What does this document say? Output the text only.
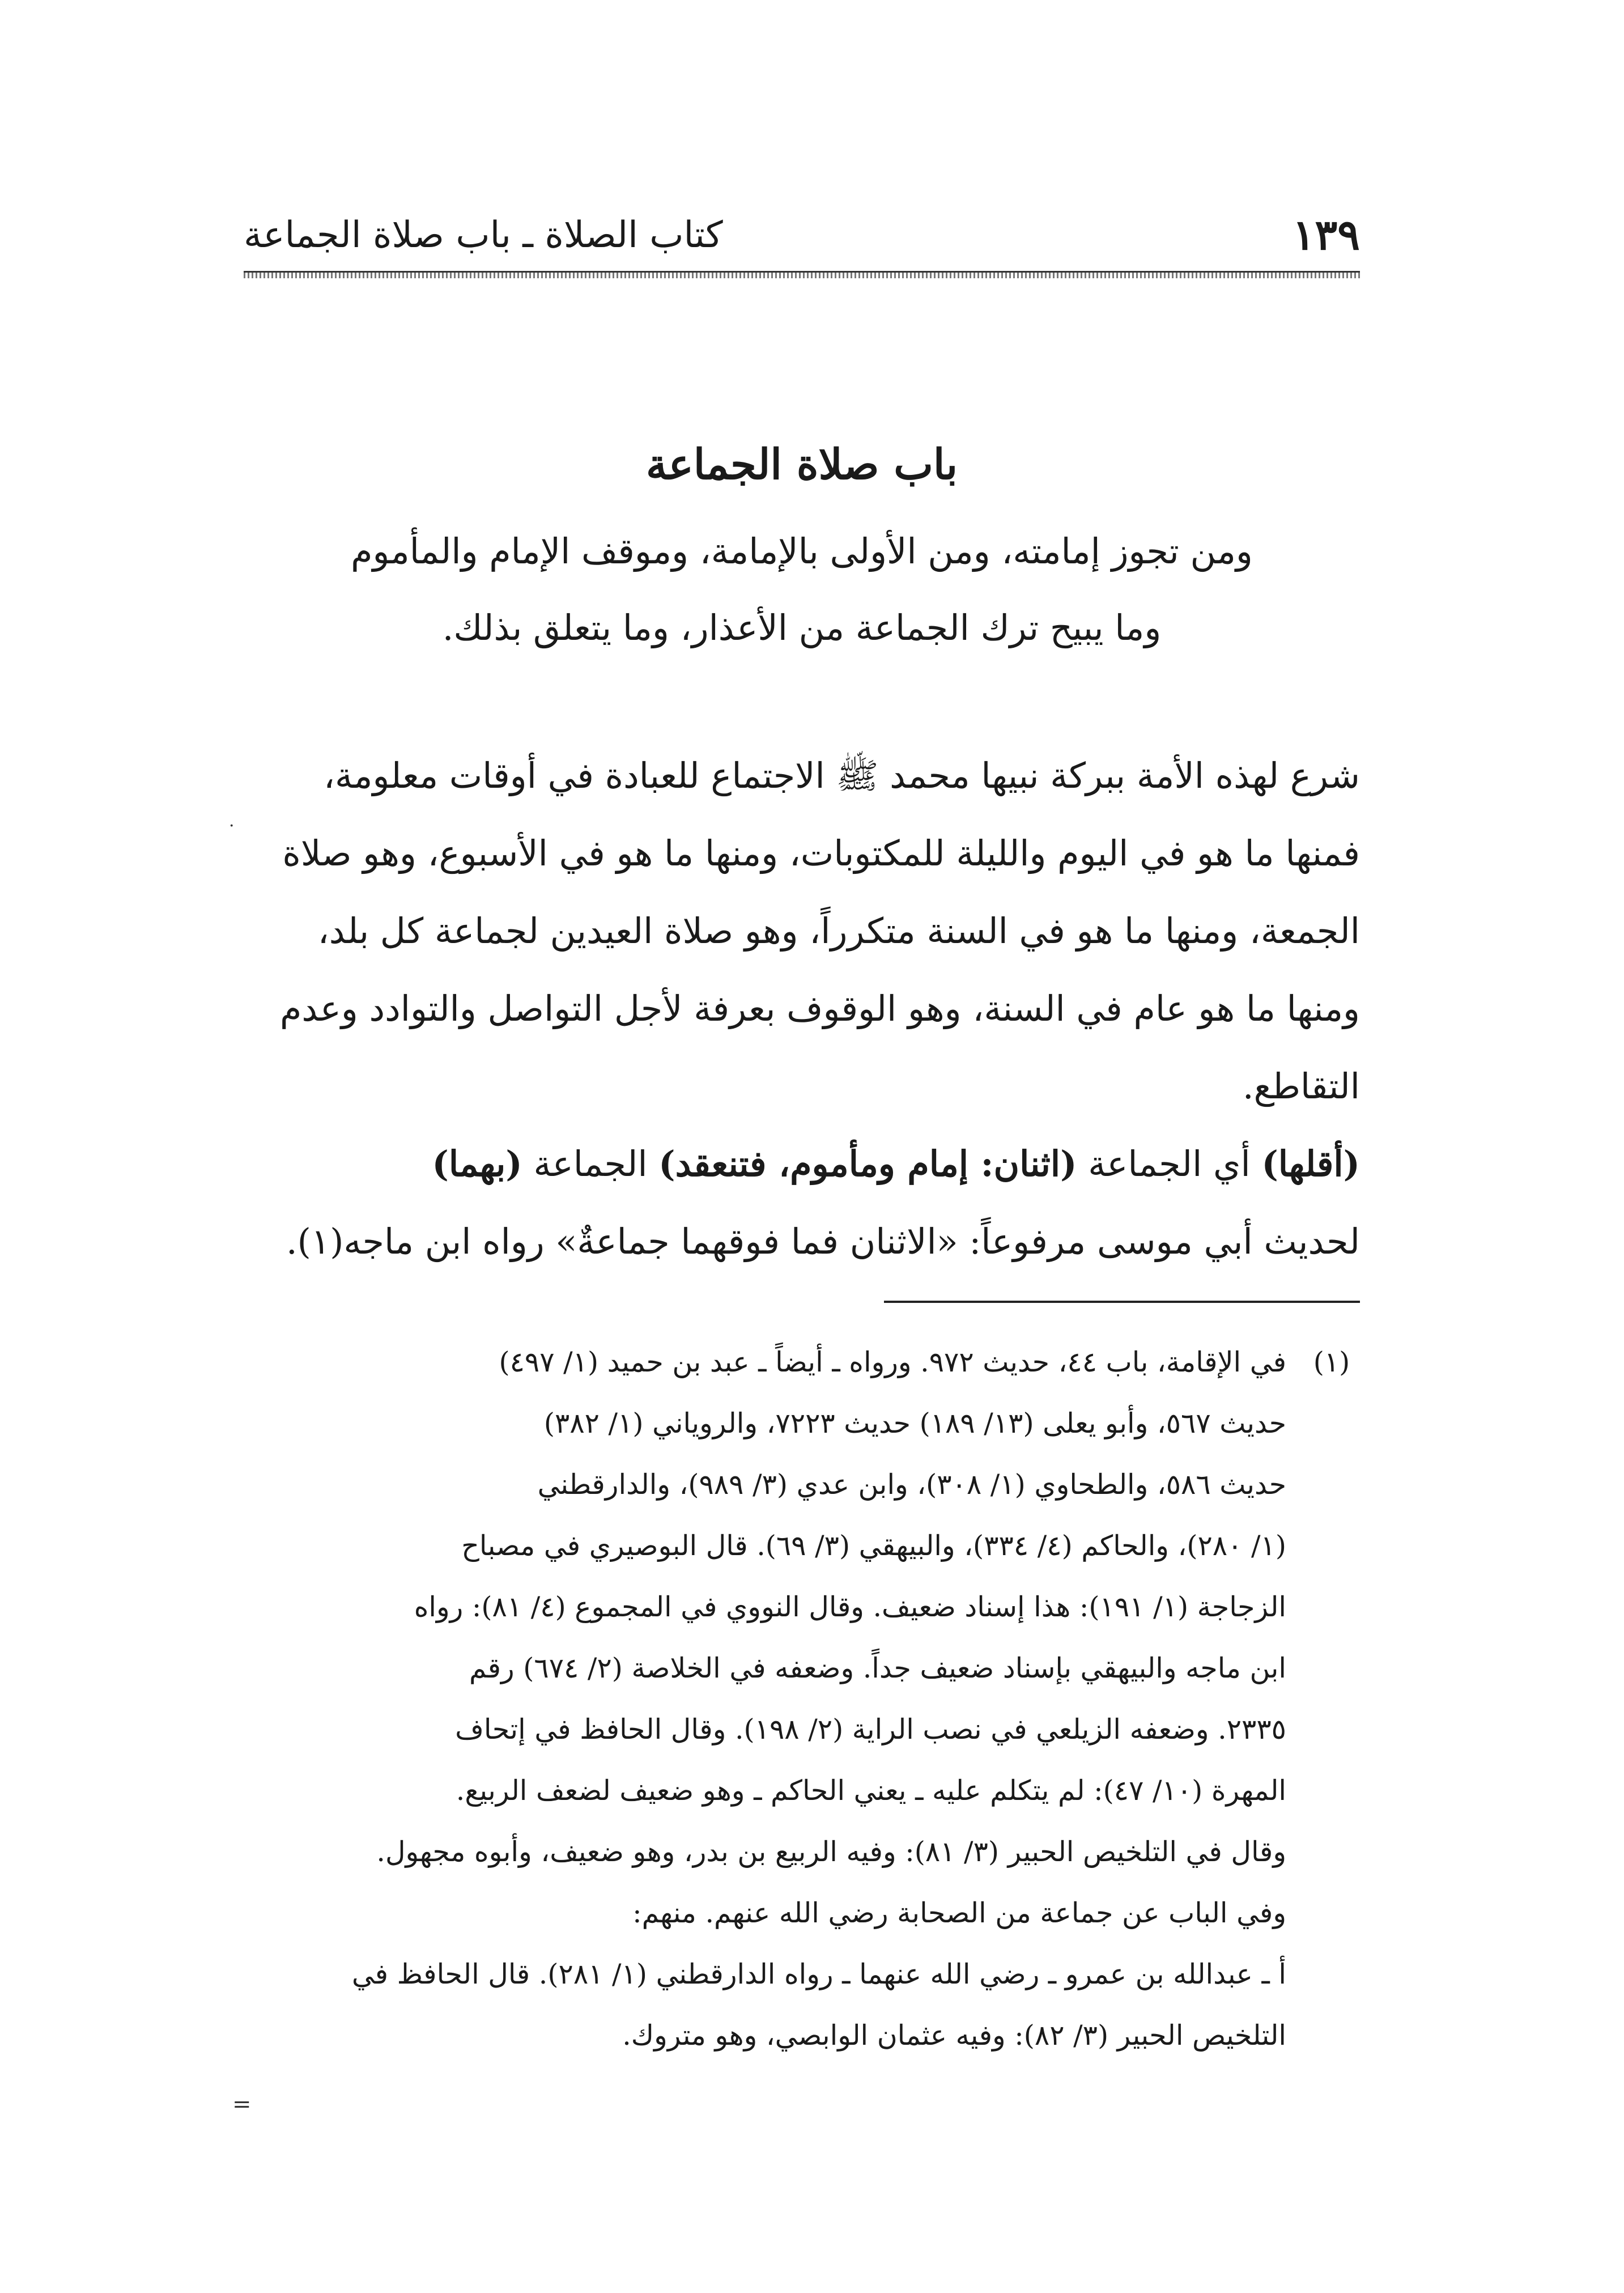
١٣٩
كتاب الصلاة ـ باب صلاة الجماعة
باب صلاة الجماعة
ومن تجوز إمامته، ومن الأولى بالإمامة، وموقف الإمام والمأموم
وما يبيح ترك الجماعة من الأعذار، وما يتعلق بذلك.

شرع لهذه الأمة ببركة نبيها محمد ﷺ الاجتماع للعبادة في أوقات معلومة،
فمنها ما هو في اليوم والليلة للمكتوبات، ومنها ما هو في الأسبوع، وهو صلاة
الجمعة، ومنها ما هو في السنة متكرراً، وهو صلاة العيدين لجماعة كل بلد،
ومنها ما هو عام في السنة، وهو الوقوف بعرفة لأجل التواصل والتوادد وعدم
التقاطع.

(أقلها) أي الجماعة (اثنان: إمام ومأموم، فتنعقد) الجماعة (بهما)
لحديث أبي موسى مرفوعاً: «الاثنان فما فوقهما جماعةٌ» رواه ابن ماجه(١).

(١)
في الإقامة، باب ٤٤، حديث ٩٧٢. ورواه ـ أيضاً ـ عبد بن حميد (١/ ٤٩٧)
حديث ٥٦٧، وأبو يعلى (١٣/ ١٨٩) حديث ٧٢٢٣، والروياني (١/ ٣٨٢)
حديث ٥٨٦، والطحاوي (١/ ٣٠٨)، وابن عدي (٣/ ٩٨٩)، والدارقطني
(١/ ٢٨٠)، والحاكم (٤/ ٣٣٤)، والبيهقي (٣/ ٦٩). قال البوصيري في مصباح
الزجاجة (١/ ١٩١): هذا إسناد ضعيف. وقال النووي في المجموع (٤/ ٨١): رواه
ابن ماجه والبيهقي بإسناد ضعيف جداً. وضعفه في الخلاصة (٢/ ٦٧٤) رقم
٢٣٣٥. وضعفه الزيلعي في نصب الراية (٢/ ١٩٨). وقال الحافظ في إتحاف
المهرة (١٠/ ٤٧): لم يتكلم عليه ـ يعني الحاكم ـ وهو ضعيف لضعف الربيع.
وقال في التلخيص الحبير (٣/ ٨١): وفيه الربيع بن بدر، وهو ضعيف، وأبوه مجهول.
وفي الباب عن جماعة من الصحابة رضي الله عنهم. منهم:
أ ـ عبدالله بن عمرو ـ رضي الله عنهما ـ رواه الدارقطني (١/ ٢٨١). قال الحافظ في
التلخيص الحبير (٣/ ٨٢): وفيه عثمان الوابصي، وهو متروك.
=
·
